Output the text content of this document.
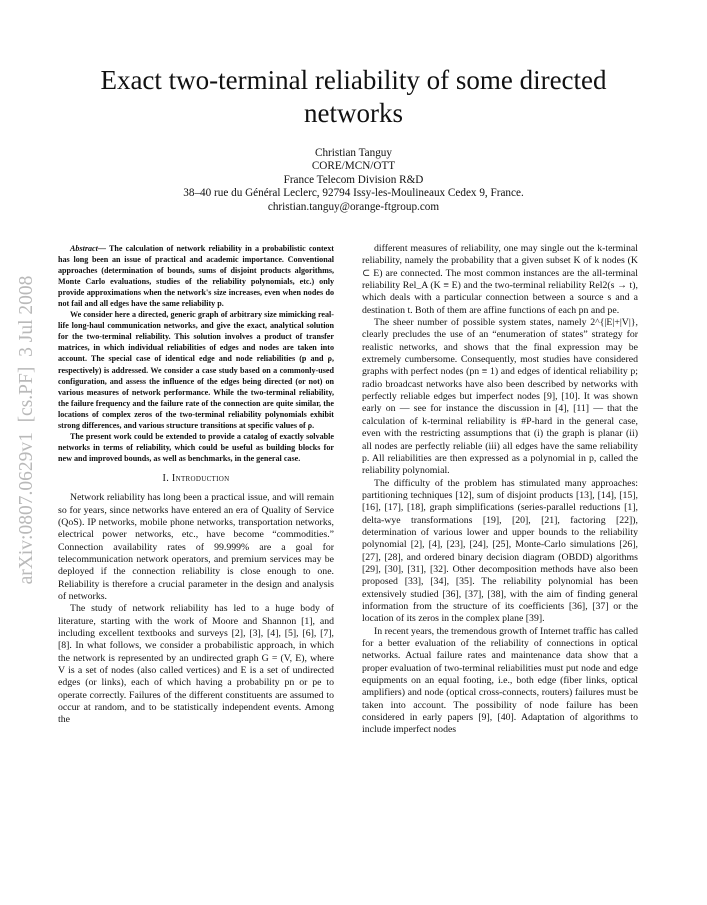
Exact two-terminal reliability of some directed networks
Christian Tanguy
CORE/MCN/OTT
France Telecom Division R&D
38–40 rue du Général Leclerc, 92794 Issy-les-Moulineaux Cedex 9, France.
christian.tanguy@orange-ftgroup.com
arXiv:0807.0629v1  [cs.PF]  3 Jul 2008

Abstract— The calculation of network reliability in a probabilistic context has long been an issue of practical and academic importance. Conventional approaches (determination of bounds, sums of disjoint products algorithms, Monte Carlo evaluations, studies of the reliability polynomials, etc.) only provide approximations when the network's size increases, even when nodes do not fail and all edges have the same reliability p.

We consider here a directed, generic graph of arbitrary size mimicking real-life long-haul communication networks, and give the exact, analytical solution for the two-terminal reliability. This solution involves a product of transfer matrices, in which individual reliabilities of edges and nodes are taken into account. The special case of identical edge and node reliabilities (p and ρ, respectively) is addressed. We consider a case study based on a commonly-used configuration, and assess the influence of the edges being directed (or not) on various measures of network performance. While the two-terminal reliability, the failure frequency and the failure rate of the connection are quite similar, the locations of complex zeros of the two-terminal reliability polynomials exhibit strong differences, and various structure transitions at specific values of ρ.

The present work could be extended to provide a catalog of exactly solvable networks in terms of reliability, which could be useful as building blocks for new and improved bounds, as well as benchmarks, in the general case.

I. Introduction

Network reliability has long been a practical issue, and will remain so for years, since networks have entered an era of Quality of Service (QoS). IP networks, mobile phone networks, transportation networks, electrical power networks, etc., have become “commodities.” Connection availability rates of 99.999% are a goal for telecommunication network operators, and premium services may be deployed if the connection reliability is close enough to one. Reliability is therefore a crucial parameter in the design and analysis of networks.

The study of network reliability has led to a huge body of literature, starting with the work of Moore and Shannon [1], and including excellent textbooks and surveys [2], [3], [4], [5], [6], [7], [8]. In what follows, we consider a probabilistic approach, in which the network is represented by an undirected graph G = (V, E), where V is a set of nodes (also called vertices) and E is a set of undirected edges (or links), each of which having a probability pn or pe to operate correctly. Failures of the different constituents are assumed to occur at random, and to be statistically independent events. Among the

different measures of reliability, one may single out the k-terminal reliability, namely the probability that a given subset K of k nodes (K ⊂ E) are connected. The most common instances are the all-terminal reliability Rel_A (K ≡ E) and the two-terminal reliability Rel2(s → t), which deals with a particular connection between a source s and a destination t. Both of them are affine functions of each pn and pe.

The sheer number of possible system states, namely 2^{|E|+|V|}, clearly precludes the use of an “enumeration of states” strategy for realistic networks, and shows that the final expression may be extremely cumbersome. Consequently, most studies have considered graphs with perfect nodes (pn ≡ 1) and edges of identical reliability p; radio broadcast networks have also been described by networks with perfectly reliable edges but imperfect nodes [9], [10]. It was shown early on — see for instance the discussion in [4], [11] — that the calculation of k-terminal reliability is #P-hard in the general case, even with the restricting assumptions that (i) the graph is planar (ii) all nodes are perfectly reliable (iii) all edges have the same reliability p. All reliabilities are then expressed as a polynomial in p, called the reliability polynomial.

The difficulty of the problem has stimulated many approaches: partitioning techniques [12], sum of disjoint products [13], [14], [15], [16], [17], [18], graph simplifications (series-parallel reductions [1], delta-wye transformations [19], [20], [21], factoring [22]), determination of various lower and upper bounds to the reliability polynomial [2], [4], [23], [24], [25], Monte-Carlo simulations [26], [27], [28], and ordered binary decision diagram (OBDD) algorithms [29], [30], [31], [32]. Other decomposition methods have also been proposed [33], [34], [35]. The reliability polynomial has been extensively studied [36], [37], [38], with the aim of finding general information from the structure of its coefficients [36], [37] or the location of its zeros in the complex plane [39].

In recent years, the tremendous growth of Internet traffic has called for a better evaluation of the reliability of connections in optical networks. Actual failure rates and maintenance data show that a proper evaluation of two-terminal reliabilities must put node and edge equipments on an equal footing, i.e., both edge (fiber links, optical amplifiers) and node (optical cross-connects, routers) failures must be taken into account. The possibility of node failure has been considered in early papers [9], [40]. Adaptation of algorithms to include imperfect nodes
